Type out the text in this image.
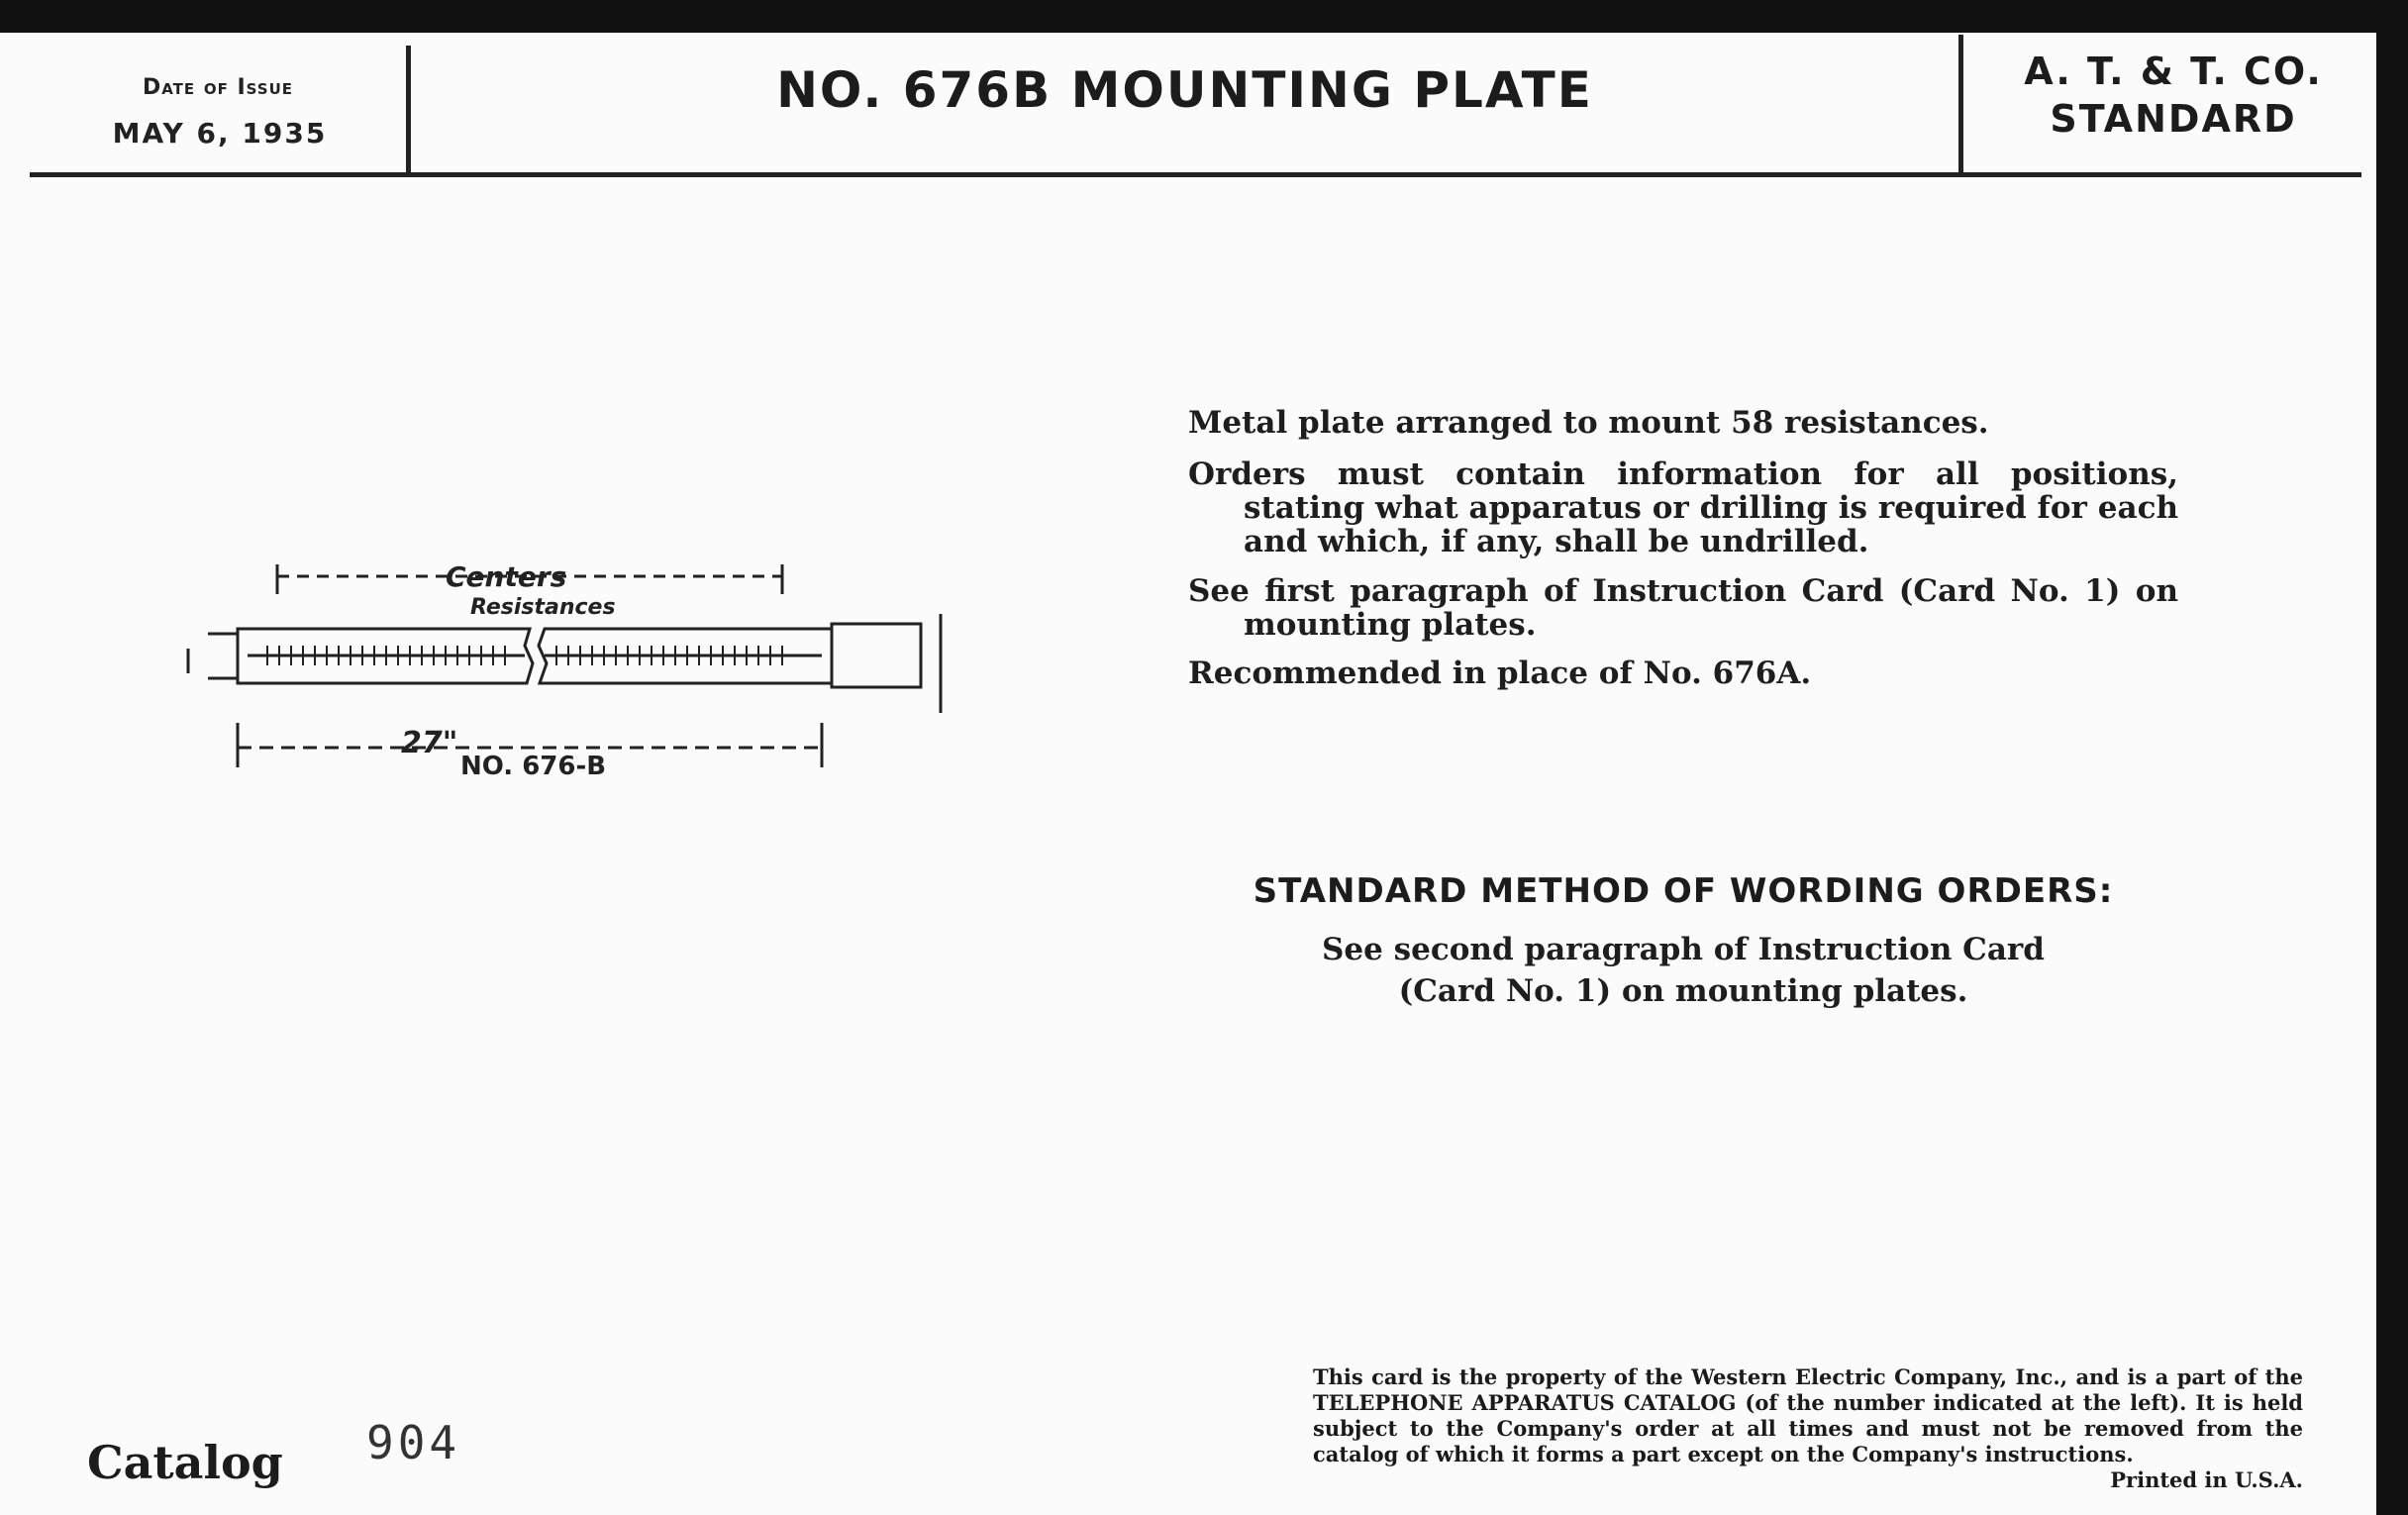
Date of Issue
MAY 6, 1935
NO. 676B MOUNTING PLATE	A. T. & T. CO.
STANDARD
Centers
Resistances
27"
NO. 676-B
Metal plate arranged to mount 58 resistances.
Orders must contain information for all positions, stating what apparatus or drilling is required for each and which, if any, shall be undrilled.
See first paragraph of Instruction Card (Card No. 1) on mounting plates.
Recommended in place of No. 676A.
STANDARD METHOD OF WORDING ORDERS:
See second paragraph of Instruction Card
(Card No. 1) on mounting plates.
Catalog 904
This card is the property of the Western Electric Company, Inc., and is a part of the TELEPHONE APPARATUS CATALOG (of the number indicated at the left). It is held subject to the Company's order at all times and must not be removed from the catalog of which it forms a part except on the Company's instructions.
Printed in U.S.A.
